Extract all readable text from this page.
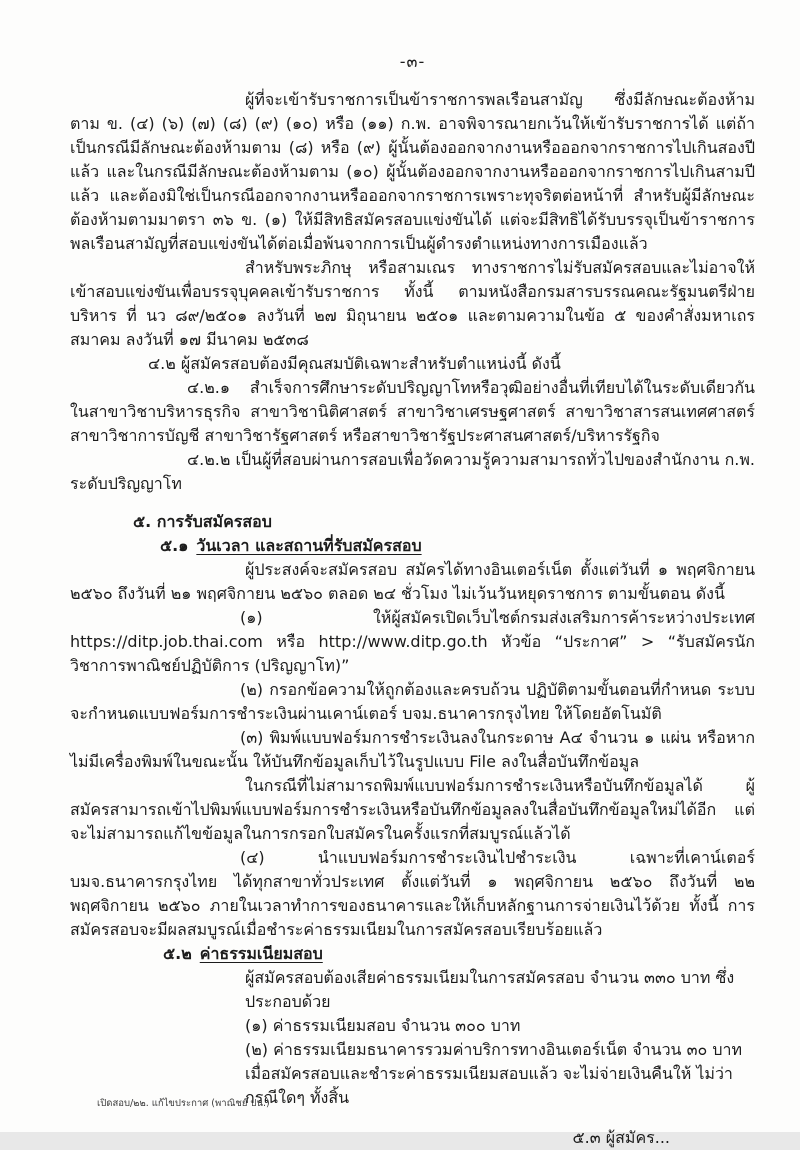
-๓-

ผู้ที่จะเข้ารับราชการเป็นข้าราชการพลเรือนสามัญ ซึ่งมีลักษณะต้องห้ามตาม ข. (๔) (๖) (๗) (๘) (๙) (๑๐) หรือ (๑๑) ก.พ. อาจพิจารณายกเว้นให้เข้ารับราชการได้ แต่ถ้าเป็นกรณีมีลักษณะต้องห้ามตาม (๘) หรือ (๙) ผู้นั้นต้องออกจากงานหรือออกจากราชการไปเกินสองปีแล้ว และในกรณีมีลักษณะต้องห้ามตาม (๑๐) ผู้นั้นต้องออกจากงานหรือออกจากราชการไปเกินสามปีแล้ว และต้องมิใช่เป็นกรณีออกจากงานหรือออกจากราชการเพราะทุจริตต่อหน้าที่ สำหรับผู้มีลักษณะต้องห้ามตามมาตรา ๓๖ ข. (๑) ให้มีสิทธิสมัครสอบแข่งขันได้ แต่จะมีสิทธิได้รับบรรจุเป็นข้าราชการพลเรือนสามัญที่สอบแข่งขันได้ต่อเมื่อพ้นจากการเป็นผู้ดำรงตำแหน่งทางการเมืองแล้ว

สำหรับพระภิกษุ หรือสามเณร ทางราชการไม่รับสมัครสอบและไม่อาจให้เข้าสอบแข่งขันเพื่อบรรจุบุคคลเข้ารับราชการ ทั้งนี้ ตามหนังสือกรมสารบรรณคณะรัฐมนตรีฝ่ายบริหาร ที่ นว ๘๙/๒๕๐๑ ลงวันที่ ๒๗ มิถุนายน ๒๕๐๑ และตามความในข้อ ๕ ของคำสั่งมหาเถรสมาคม ลงวันที่ ๑๗ มีนาคม ๒๕๓๘

๔.๒ ผู้สมัครสอบต้องมีคุณสมบัติเฉพาะสำหรับตำแหน่งนี้ ดังนี้

๔.๒.๑ สำเร็จการศึกษาระดับปริญญาโทหรือวุฒิอย่างอื่นที่เทียบได้ในระดับเดียวกัน ในสาขาวิชาบริหารธุรกิจ สาขาวิชานิติศาสตร์ สาขาวิชาเศรษฐศาสตร์ สาขาวิชาสารสนเทศศาสตร์ สาขาวิชาการบัญชี สาขาวิชารัฐศาสตร์ หรือสาขาวิชารัฐประศาสนศาสตร์/บริหารรัฐกิจ

๔.๒.๒ เป็นผู้ที่สอบผ่านการสอบเพื่อวัดความรู้ความสามารถทั่วไปของสำนักงาน ก.พ. ระดับปริญญาโท

๕. การรับสมัครสอบ
๕.๑ วันเวลา และสถานที่รับสมัครสอบ

ผู้ประสงค์จะสมัครสอบ สมัครได้ทางอินเตอร์เน็ต ตั้งแต่วันที่ ๑ พฤศจิกายน ๒๕๖๐ ถึงวันที่ ๒๑ พฤศจิกายน ๒๕๖๐ ตลอด ๒๔ ชั่วโมง ไม่เว้นวันหยุดราชการ ตามขั้นตอน ดังนี้

(๑) ให้ผู้สมัครเปิดเว็บไซต์กรมส่งเสริมการค้าระหว่างประเทศ https://ditp.job.thai.com หรือ http://www.ditp.go.th หัวข้อ “ประกาศ” > “รับสมัครนักวิชาการพาณิชย์ปฏิบัติการ (ปริญญาโท)”

(๒) กรอกข้อความให้ถูกต้องและครบถ้วน ปฏิบัติตามขั้นตอนที่กำหนด ระบบจะกำหนดแบบฟอร์มการชำระเงินผ่านเคาน์เตอร์ บจม.ธนาคารกรุงไทย ให้โดยอัตโนมัติ

(๓) พิมพ์แบบฟอร์มการชำระเงินลงในกระดาษ A๔ จำนวน ๑ แผ่น หรือหากไม่มีเครื่องพิมพ์ในขณะนั้น ให้บันทึกข้อมูลเก็บไว้ในรูปแบบ File ลงในสื่อบันทึกข้อมูล

ในกรณีที่ไม่สามารถพิมพ์แบบฟอร์มการชำระเงินหรือบันทึกข้อมูลได้ ผู้สมัครสามารถเข้าไปพิมพ์แบบฟอร์มการชำระเงินหรือบันทึกข้อมูลลงในสื่อบันทึกข้อมูลใหม่ได้อีก แต่จะไม่สามารถแก้ไขข้อมูลในการกรอกใบสมัครในครั้งแรกที่สมบูรณ์แล้วได้

(๔) นำแบบฟอร์มการชำระเงินไปชำระเงิน เฉพาะที่เคาน์เตอร์ บมจ.ธนาคารกรุงไทย ได้ทุกสาขาทั่วประเทศ ตั้งแต่วันที่ ๑ พฤศจิกายน ๒๕๖๐ ถึงวันที่ ๒๒ พฤศจิกายน ๒๕๖๐ ภายในเวลาทำการของธนาคารและให้เก็บหลักฐานการจ่ายเงินไว้ด้วย ทั้งนี้ การสมัครสอบจะมีผลสมบูรณ์เมื่อชำระค่าธรรมเนียมในการสมัครสอบเรียบร้อยแล้ว

๕.๒ ค่าธรรมเนียมสอบ

ผู้สมัครสอบต้องเสียค่าธรรมเนียมในการสมัครสอบ จำนวน ๓๓๐ บาท ซึ่งประกอบด้วย

(๑) ค่าธรรมเนียมสอบ จำนวน ๓๐๐ บาท

(๒) ค่าธรรมเนียมธนาคารรวมค่าบริการทางอินเตอร์เน็ต จำนวน ๓๐ บาท

เมื่อสมัครสอบและชำระค่าธรรมเนียมสอบแล้ว จะไม่จ่ายเงินคืนให้ ไม่ว่ากรณีใดๆ ทั้งสิ้น

๕.๓ ผู้สมัคร...
เปิดสอบ/๒๒. แก้ไขประกาศ (พาณิชย์ ปน.)
